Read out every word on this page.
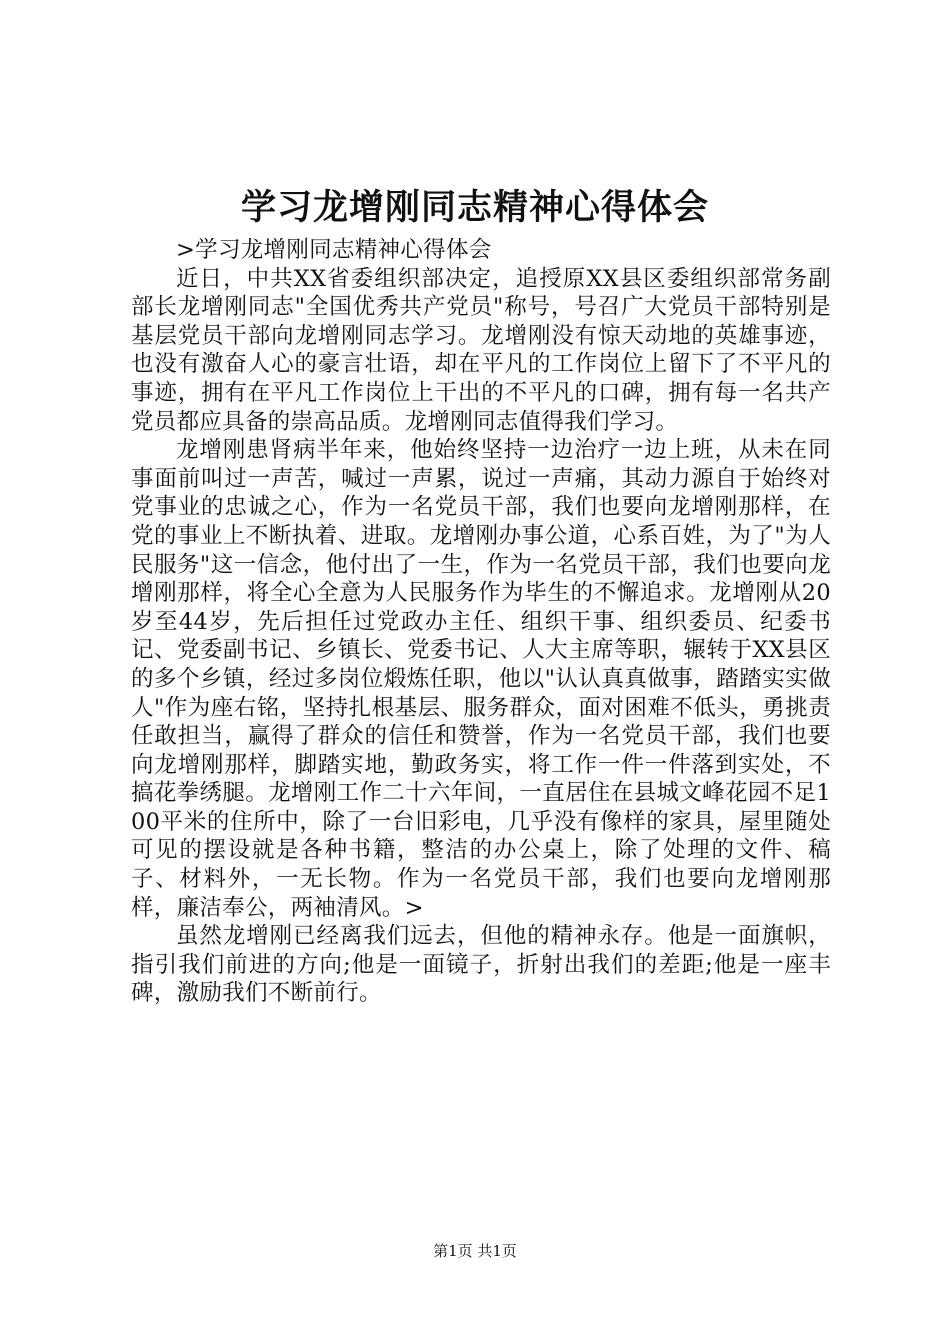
学习龙增刚同志精神心得体会

>学习龙增刚同志精神心得体会

近日，中共XX省委组织部决定，追授原XX县区委组织部常务副部长龙增刚同志"全国优秀共产党员"称号，号召广大党员干部特别是基层党员干部向龙增刚同志学习。龙增刚没有惊天动地的英雄事迹，也没有激奋人心的豪言壮语，却在平凡的工作岗位上留下了不平凡的事迹，拥有在平凡工作岗位上干出的不平凡的口碑，拥有每一名共产党员都应具备的崇高品质。龙增刚同志值得我们学习。

龙增刚患肾病半年来，他始终坚持一边治疗一边上班，从未在同事面前叫过一声苦，喊过一声累，说过一声痛，其动力源自于始终对党事业的忠诚之心，作为一名党员干部，我们也要向龙增刚那样，在党的事业上不断执着、进取。龙增刚办事公道，心系百姓，为了"为人民服务"这一信念，他付出了一生，作为一名党员干部，我们也要向龙增刚那样，将全心全意为人民服务作为毕生的不懈追求。龙增刚从20岁至44岁，先后担任过党政办主任、组织干事、组织委员、纪委书记、党委副书记、乡镇长、党委书记、人大主席等职，辗转于XX县区的多个乡镇，经过多岗位煅炼任职，他以"认认真真做事，踏踏实实做人"作为座右铭，坚持扎根基层、服务群众，面对困难不低头，勇挑责任敢担当，赢得了群众的信任和赞誉，作为一名党员干部，我们也要向龙增刚那样，脚踏实地，勤政务实，将工作一件一件落到实处，不搞花拳绣腿。龙增刚工作二十六年间，一直居住在县城文峰花园不足100平米的住所中，除了一台旧彩电，几乎没有像样的家具，屋里随处可见的摆设就是各种书籍，整洁的办公桌上，除了处理的文件、稿子、材料外，一无长物。作为一名党员干部，我们也要向龙增刚那样，廉洁奉公，两袖清风。>

虽然龙增刚已经离我们远去，但他的精神永存。他是一面旗帜，指引我们前进的方向;他是一面镜子，折射出我们的差距;他是一座丰碑，激励我们不断前行。

第1页 共1页
